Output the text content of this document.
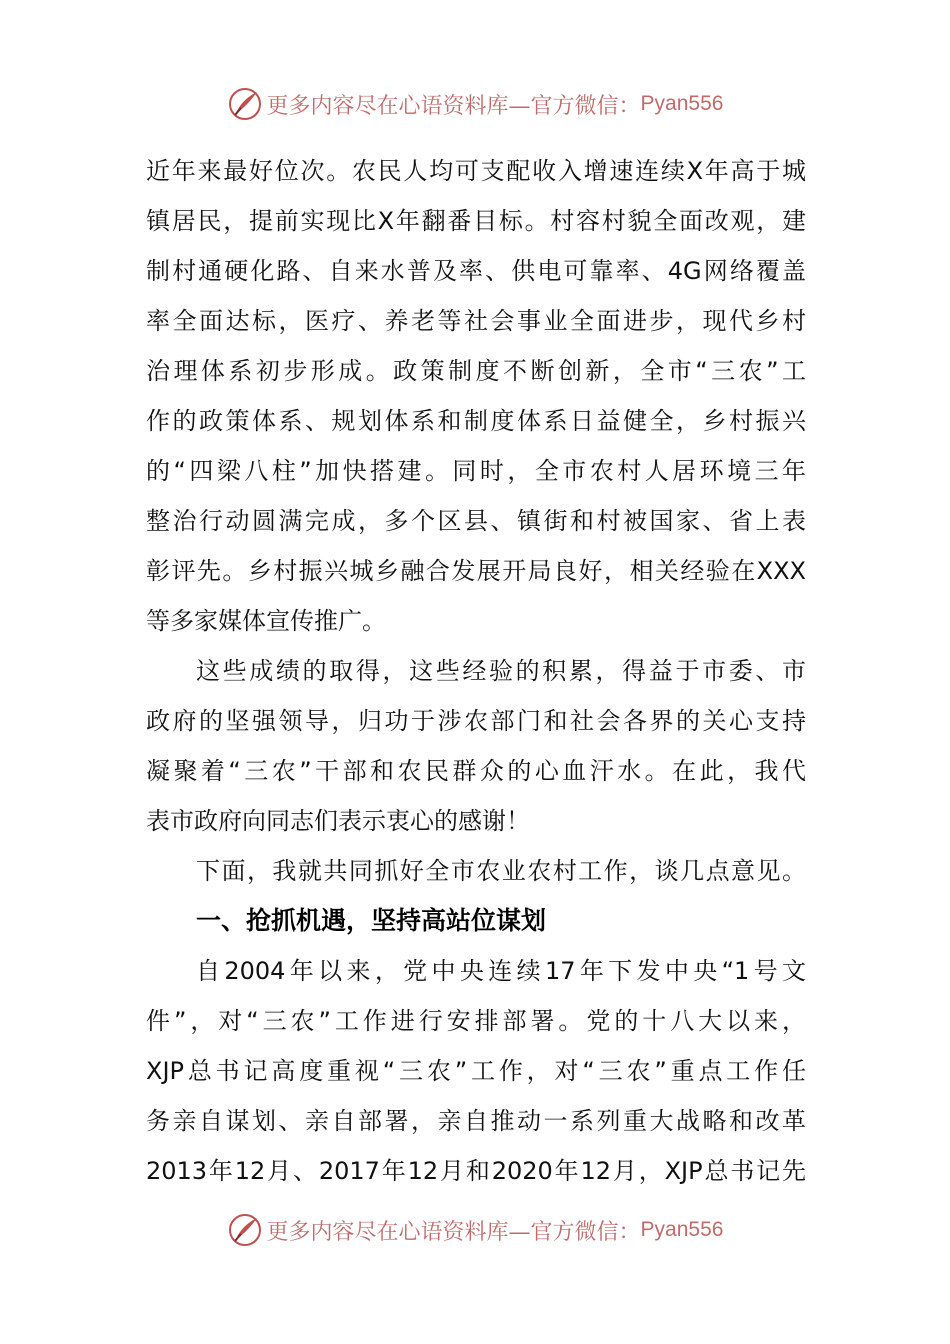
更多内容尽在心语资料库—官方微信： Pyan556
近年来最好位次。农民人均可支配收入增速连续X年高于城
镇居民，提前实现比X年翻番目标。村容村貌全面改观，建
制村通硬化路、自来水普及率、供电可靠率、4G网络覆盖
率全面达标，医疗、养老等社会事业全面进步，现代乡村
治理体系初步形成。政策制度不断创新，全市“三农”工
作的政策体系、规划体系和制度体系日益健全，乡村振兴
的“四梁八柱”加快搭建。同时，全市农村人居环境三年
整治行动圆满完成，多个区县、镇街和村被国家、省上表
彰评先。乡村振兴城乡融合发展开局良好，相关经验在XXX
等多家媒体宣传推广。
这些成绩的取得，这些经验的积累，得益于市委、市
政府的坚强领导，归功于涉农部门和社会各界的关心支持
凝聚着“三农”干部和农民群众的心血汗水。在此，我代
表市政府向同志们表示衷心的感谢！
下面，我就共同抓好全市农业农村工作，谈几点意见。
一、抢抓机遇，坚持高站位谋划
自2004年以来，党中央连续17年下发中央“1号文
件”，对“三农”工作进行安排部署。党的十八大以来，
XJP总书记高度重视“三农”工作，对“三农”重点工作任
务亲自谋划、亲自部署，亲自推动一系列重大战略和改革
2013年12月、2017年12月和2020年12月，XJP总书记先
更多内容尽在心语资料库—官方微信： Pyan556
